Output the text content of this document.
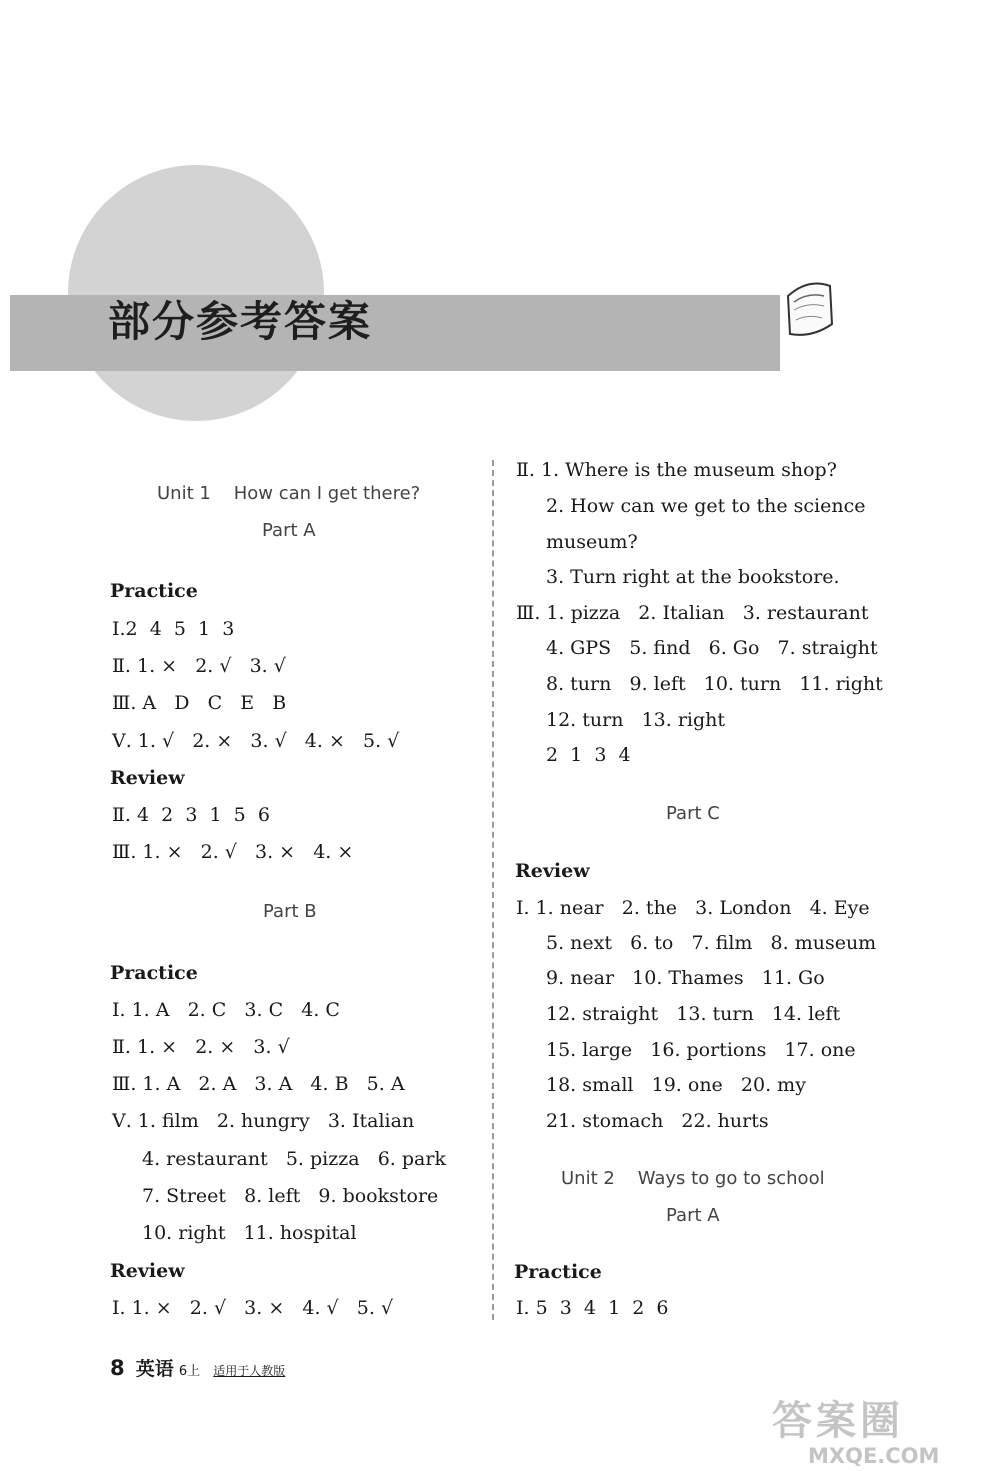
部分参考答案
Unit 1    How can I get there?
Part A
Practice
Ⅰ.2  4  5  1  3
Ⅱ. 1. ×   2. √   3. √
Ⅲ. A   D   C   E   B
Ⅴ. 1. √   2. ×   3. √   4. ×   5. √
Review
Ⅱ. 4  2  3  1  5  6
Ⅲ. 1. ×   2. √   3. ×   4. ×
Part B
Practice
Ⅰ. 1. A   2. C   3. C   4. C
Ⅱ. 1. ×   2. ×   3. √
Ⅲ. 1. A   2. A   3. A   4. B   5. A
Ⅴ. 1. film   2. hungry   3. Italian
4. restaurant   5. pizza   6. park
7. Street   8. left   9. bookstore
10. right   11. hospital
Review
Ⅰ. 1. ×   2. √   3. ×   4. √   5. √
Ⅱ. 1. Where is the museum shop?
2. How can we get to the science
museum?
3. Turn right at the bookstore.
Ⅲ. 1. pizza   2. Italian   3. restaurant
4. GPS   5. find   6. Go   7. straight
8. turn   9. left   10. turn   11. right
12. turn   13. right
2  1  3  4
Part C
Review
Ⅰ. 1. near   2. the   3. London   4. Eye
5. next   6. to   7. film   8. museum
9. near   10. Thames   11. Go
12. straight   13. turn   14. left
15. large   16. portions   17. one
18. small   19. one   20. my
21. stomach   22. hurts
Unit 2    Ways to go to school
Part A
Practice
Ⅰ. 5  3  4  1  2  6
8 英语 6上 适用于人教版
答案圈
MXQE.COM
